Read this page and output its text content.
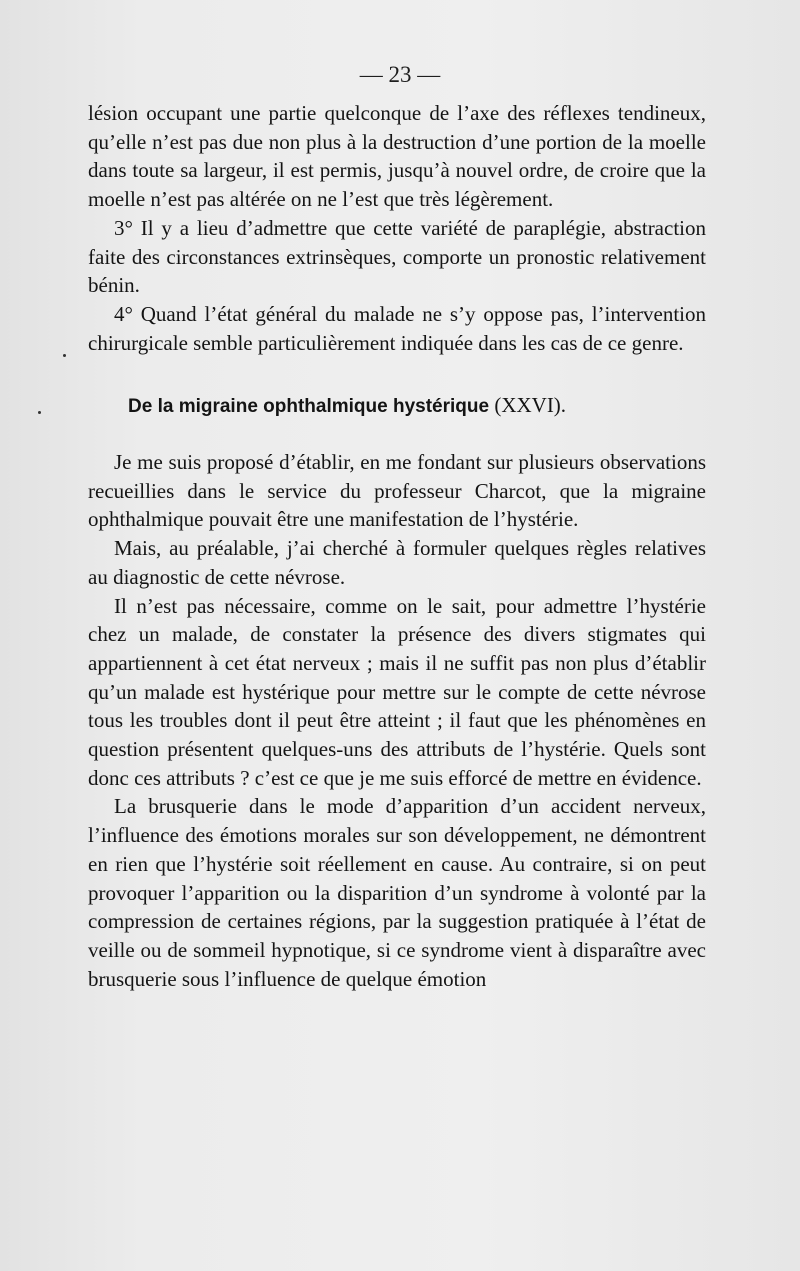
— 23 —

lésion occupant une partie quelconque de l’axe des réflexes tendineux, qu’elle n’est pas due non plus à la destruction d’une portion de la moelle dans toute sa largeur, il est permis, jusqu’à nouvel ordre, de croire que la moelle n’est pas altérée on ne l’est que très légèrement.

3° Il y a lieu d’admettre que cette variété de paraplégie, abstraction faite des circonstances extrinsèques, comporte un pronostic relativement bénin.

4° Quand l’état général du malade ne s’y oppose pas, l’intervention chirurgicale semble particulièrement indiquée dans les cas de ce genre.

De la migraine ophthalmique hystérique (XXVI).

Je me suis proposé d’établir, en me fondant sur plusieurs observations recueillies dans le service du professeur Charcot, que la migraine ophthalmique pouvait être une manifestation de l’hystérie.

Mais, au préalable, j’ai cherché à formuler quelques règles relatives au diagnostic de cette névrose.

Il n’est pas nécessaire, comme on le sait, pour admettre l’hystérie chez un malade, de constater la présence des divers stigmates qui appartiennent à cet état nerveux ; mais il ne suffit pas non plus d’établir qu’un malade est hystérique pour mettre sur le compte de cette névrose tous les troubles dont il peut être atteint ; il faut que les phénomènes en question présentent quelques-uns des attributs de l’hystérie. Quels sont donc ces attributs ? c’est ce que je me suis efforcé de mettre en évidence.

La brusquerie dans le mode d’apparition d’un accident nerveux, l’influence des émotions morales sur son développement, ne démontrent en rien que l’hystérie soit réellement en cause. Au contraire, si on peut provoquer l’apparition ou la disparition d’un syndrome à volonté par la compression de certaines régions, par la suggestion pratiquée à l’état de veille ou de sommeil hypnotique, si ce syndrome vient à disparaître avec brusquerie sous l’influence de quelque émotion
